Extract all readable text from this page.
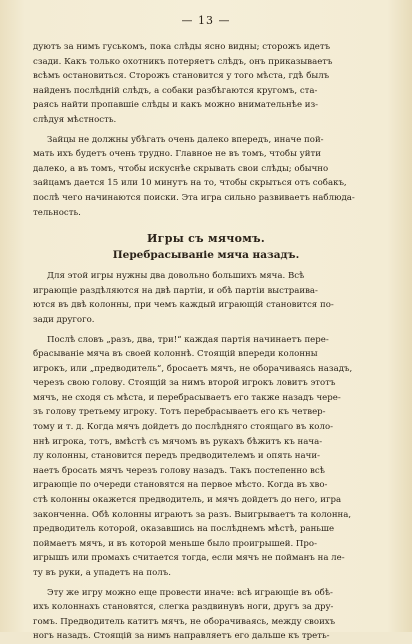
— 13 —
дуютъ за нимъ гуськомъ, пока слѣды ясно видны; сторожъ идетъ
сзади. Какъ только охотникъ потеряетъ слѣдъ, онъ приказываетъ
всѣмъ остановиться. Сторожъ становится у того мѣста, гдѣ былъ
найденъ послѣдній слѣдъ, а собаки разбѣгаются кругомъ, ста-
раясь найти пропавшіе слѣды и какъ можно внимательнѣе из-
слѣдуя мѣстность.
Зайцы не должны убѣгать очень далеко впередъ, иначе пой-
мать ихъ будетъ очень трудно. Главное не въ томъ, чтобы уйти
далеко, а въ томъ, чтобы искуснѣе скрывать свои слѣды; обычно
зайцамъ дается 15 или 10 минутъ на то, чтобы скрыться отъ собакъ,
послѣ чего начинаются поиски. Эта игра сильно развиваетъ наблюда-
тельность.
Игры съ мячомъ.
Перебрасываніе мяча назадъ.
Для этой игры нужны два довольно большихъ мяча. Всѣ
играющіе раздѣляются на двѣ партіи, и обѣ партіи выстраива-
ются въ двѣ колонны, при чемъ каждый играющій становится по-
зади другого.
Послѣ словъ „разъ, два, три!“ каждая партія начинаетъ пере-
брасываніе мяча въ своей колоннѣ. Стоящій впереди колонны
игрокъ, или „предводитель“, бросаетъ мячъ, не оборачиваясь назадъ,
черезъ свою голову. Стоящій за нимъ второй игрокъ ловитъ этотъ
мячъ, не сходя съ мѣста, и перебрасываетъ его также назадъ чере-
зъ голову третьему игроку. Тотъ перебрасываетъ его къ четвер-
тому и т. д. Когда мячъ дойдетъ до послѣдняго стоящаго въ коло-
ннѣ игрока, тотъ, вмѣстѣ съ мячомъ въ рукахъ бѣжитъ къ нача-
лу колонны, становится передъ предводителемъ и опять начи-
наетъ бросать мячъ черезъ голову назадъ. Такъ постепенно всѣ
играющіе по очереди становятся на первое мѣсто. Когда въ хво-
стѣ колонны окажется предводитель, и мячъ дойдетъ до него, игра
законченна. Обѣ колонны играютъ за разъ. Выигрываетъ та колонна,
предводитель которой, оказавшись на послѣднемъ мѣстѣ, раньше
поймаетъ мячъ, и въ которой меньше было проигрышей. Про-
игрышъ или промахъ считается тогда, если мячъ не пойманъ на ле-
ту въ руки, а упадетъ на полъ.
Эту же игру можно еще провести иначе: всѣ играющіе въ обѣ-
ихъ колоннахъ становятся, слегка раздвинувъ ноги, другъ за дру-
гомъ. Предводитель катитъ мячъ, не оборачиваясь, между своихъ
ногъ назадъ. Стоящій за нимъ направляетъ его дальше къ треть-
